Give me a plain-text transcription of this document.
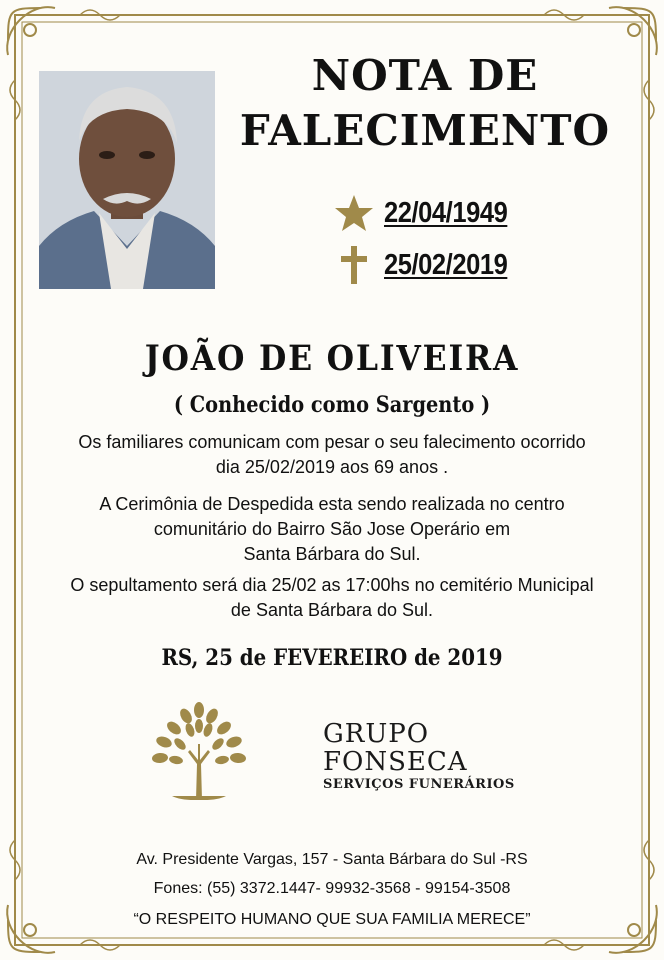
NOTA DE
FALECIMENTO
22/04/1949
25/02/2019
JOÃO DE OLIVEIRA

( Conhecido como Sargento )

Os familiares comunicam com pesar o seu falecimento ocorrido
dia 25/02/2019 aos 69 anos .
A Cerimônia de Despedida esta sendo realizada no centro
comunitário do Bairro São Jose Operário em
Santa Bárbara do Sul.
O sepultamento será dia 25/02 as 17:00hs no cemitério Municipal
de Santa Bárbara do Sul.

RS, 25 de FEVEREIRO de 2019

GRUPO
FONSECA
SERVIÇOS FUNERÁRIOS

Av. Presidente Vargas, 157 - Santa Bárbara do Sul -RS

Fones: (55) 3372.1447- 99932-3568 - 99154-3508

“O RESPEITO HUMANO QUE SUA FAMILIA MERECE”
